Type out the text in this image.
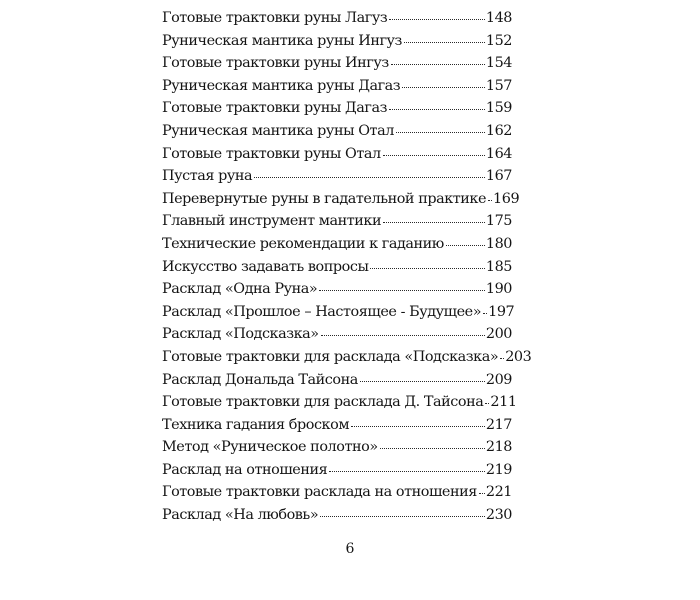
Готовые трактовки руны Лагуз	148
Руническая мантика руны Ингуз	152
Готовые трактовки руны Ингуз	154
Руническая мантика руны Дагаз	157
Готовые трактовки руны Дагаз	159
Руническая мантика руны Отал	162
Готовые трактовки руны Отал	164
Пустая руна	167
Перевернутые руны в гадательной практике 169
Главный инструмент мантики	175
Технические рекомендации к гаданию	180
Искусство задавать вопросы	185
Расклад «Одна Руна»	190
Расклад «Прошлое – Настоящее - Будущее» 197
Расклад «Подсказка»	200
Готовые трактовки для расклада «Подсказка» 203
Расклад Дональда Тайсона	209
Готовые трактовки для расклада Д. Тайсона 211
Техника гадания броском	217
Метод «Руническое полотно»	218
Расклад на отношения	219
Готовые трактовки расклада на отношения 221
Расклад «На любовь»	230
6
